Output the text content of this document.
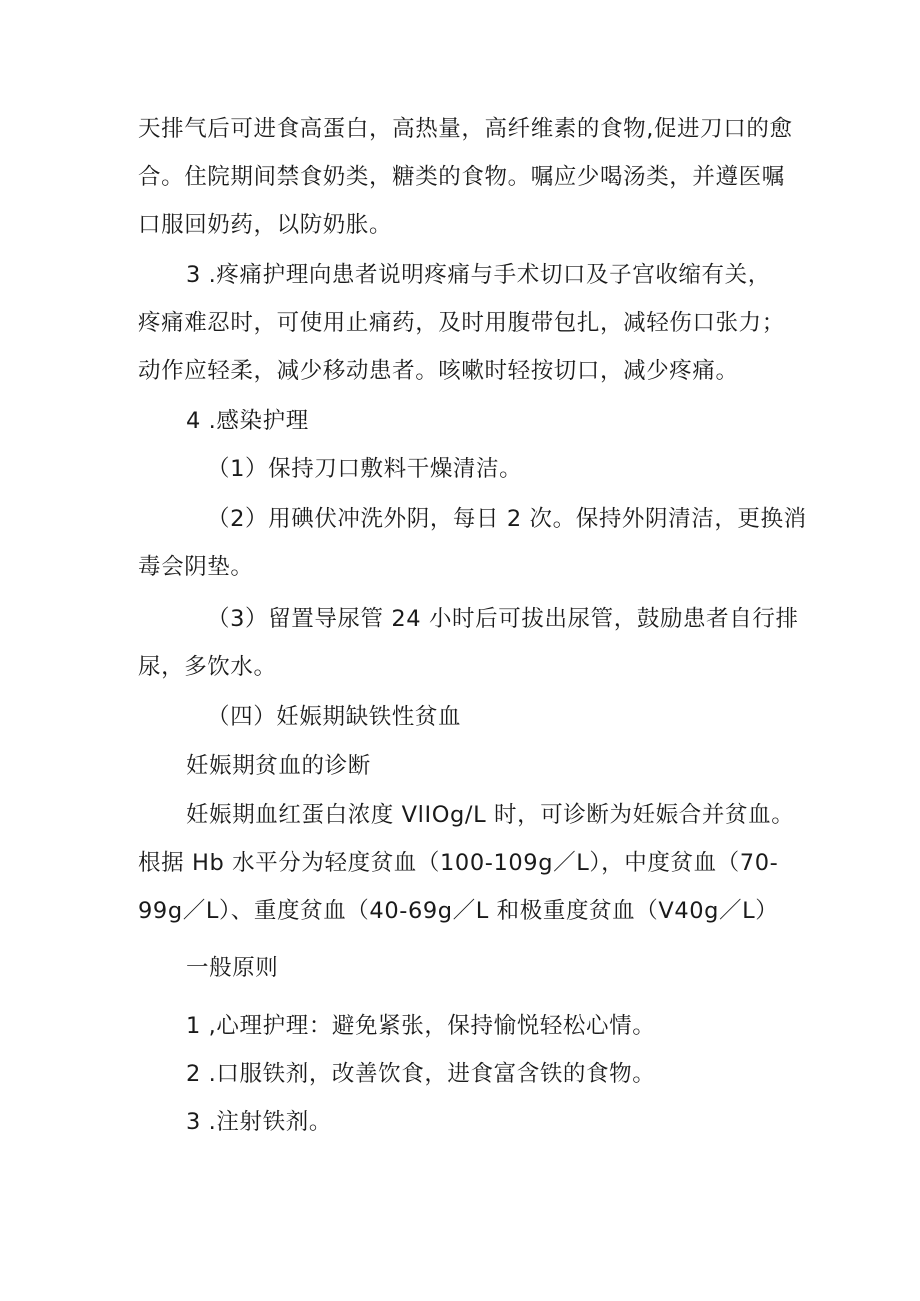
天排气后可进食高蛋白，高热量，高纤维素的食物,促进刀口的愈
合。住院期间禁食奶类，糖类的食物。嘱应少喝汤类，并遵医嘱
口服回奶药，以防奶胀。
3 .疼痛护理向患者说明疼痛与手术切口及子宫收缩有关，
疼痛难忍时，可使用止痛药，及时用腹带包扎，减轻伤口张力；
动作应轻柔，减少移动患者。咳嗽时轻按切口，减少疼痛。
4 .感染护理
（1）保持刀口敷料干燥清洁。
（2）用碘伏冲洗外阴，每日 2 次。保持外阴清洁，更换消
毒会阴垫。
（3）留置导尿管 24 小时后可拔出尿管，鼓励患者自行排
尿，多饮水。
（四）妊娠期缺铁性贫血
妊娠期贫血的诊断
妊娠期血红蛋白浓度 VlIOg/L 时，可诊断为妊娠合并贫血。
根据 Hb 水平分为轻度贫血（100-109g／L），中度贫血（70-
99g／L）、重度贫血（40-69g／L 和极重度贫血（V40g／L）
一般原则
1 ,心理护理：避免紧张，保持愉悦轻松心情。
2 .口服铁剂，改善饮食，进食富含铁的食物。
3 .注射铁剂。
